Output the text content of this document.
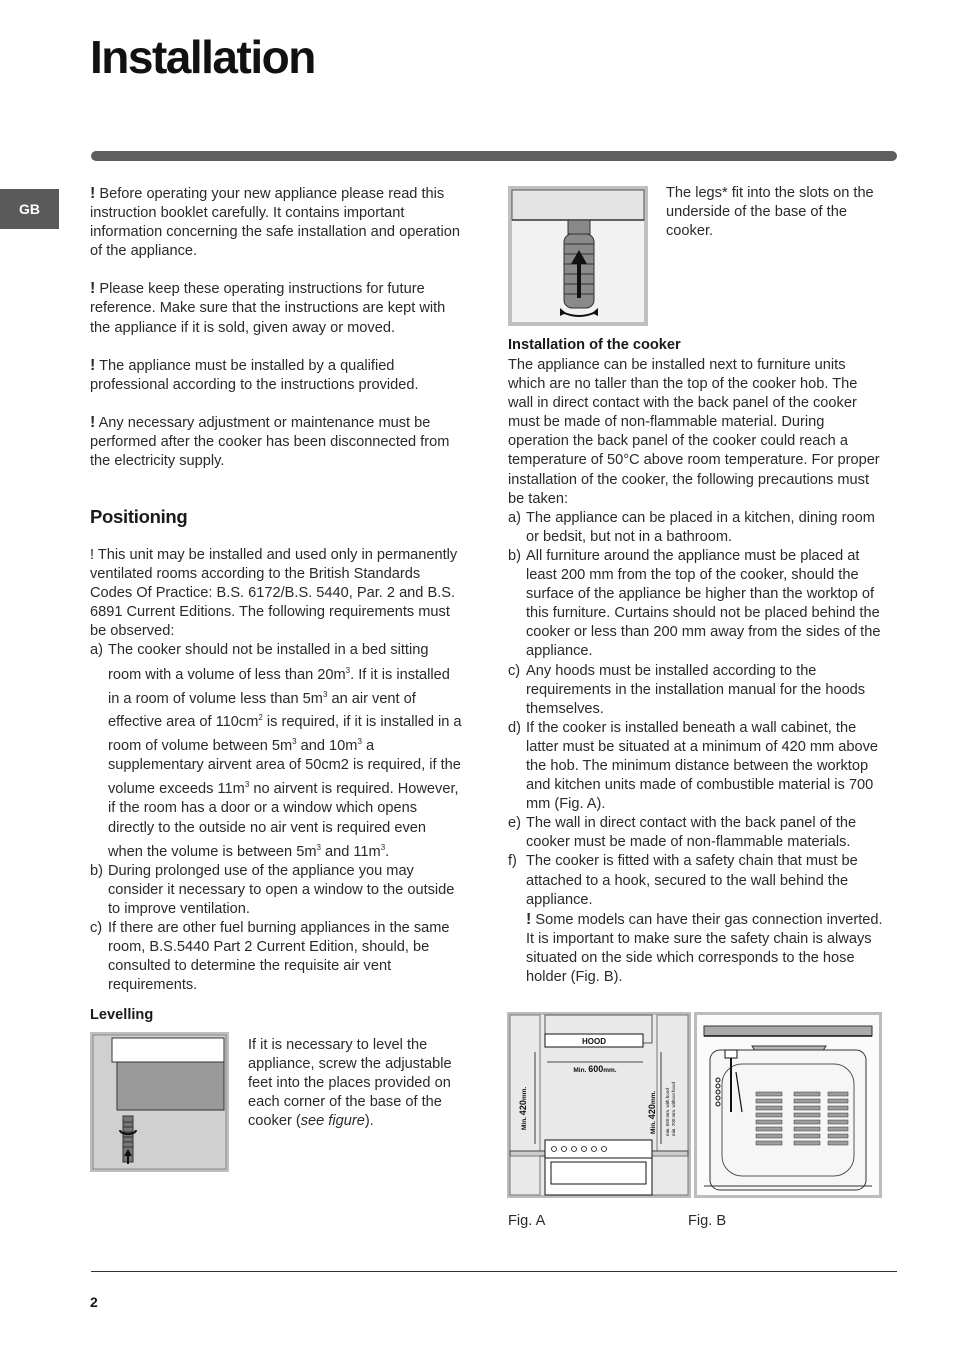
Installation
GB

! Before operating your new appliance please read this instruction booklet carefully. It contains important information concerning the safe installation and operation of the appliance.

! Please keep these operating instructions for future reference. Make sure that the instructions are kept with the appliance if it is sold, given away or moved.

! The appliance must be installed by a qualified professional according to the instructions provided.

! Any necessary adjustment or maintenance must be performed after the cooker has been disconnected from the electricity supply.

Positioning

! This unit may be installed and used only in permanently ventilated rooms according to the British Standards Codes Of Practice: B.S. 6172/B.S. 5440, Par. 2 and B.S. 6891 Current Editions. The following requirements must be observed:

a) The cooker should not be installed in a bed sitting room with a volume of less than $20m^3$. If it is installed in a room of volume less than $5m^3$ an air vent of effective area of $110cm^2$ is required, if it is installed in a room of volume between $5m^3$ and $10m^3$ a supplementary airvent area of 50cm2 is required, if the volume exceeds $11m^3$ no airvent is required. However, if the room has a door or a window which opens directly to the outside no air vent is required even when the volume is between $5m^3$ and $11m^3$.
b) During prolonged use of the appliance you may consider it necessary to open a window to the outside to improve ventilation.
c) If there are other fuel burning appliances in the same room, B.S.5440 Part 2 Current Edition, should, be consulted to determine the requisite air vent requirements.
Levelling
If it is necessary to level the appliance, screw the adjustable feet into the places provided on each corner of the base of the cooker (see figure).
The legs* fit into the slots on the underside of the base of the cooker.
Installation of the cooker

The appliance can be installed next to furniture units which are no taller than the top of the cooker hob. The wall in direct contact with the back panel of the cooker must be made of non-flammable material. During operation the back panel of the cooker could reach a temperature of 50°C above room temperature. For proper installation of the cooker, the following precautions must be taken:

a) The appliance can be placed in a kitchen, dining room or bedsit, but not in a bathroom.
b) All furniture around the appliance must be placed at least 200 mm from the top of the cooker, should the surface of the appliance be higher than the worktop of this furniture. Curtains should not be placed behind the cooker or less than 200 mm away from the sides of the appliance.
c) Any hoods must be installed according to the requirements in the installation manual for the hoods themselves.
d) If the cooker is installed beneath a wall cabinet, the latter must be situated at a minimum of 420 mm above the hob. The minimum distance between the worktop and kitchen units made of combustible material is 700 mm (Fig. A).
e) The wall in direct contact with the back panel of the cooker must be made of non-flammable materials.
f) The cooker is fitted with a safety chain that must be attached to a hook, secured to the wall behind the appliance.
! Some models can have their gas connection inverted. It is important to make sure the safety chain is always situated on the side which corresponds to the hose holder (Fig. B).
HOOD
Min. 600mm.
Min. 420mm.
Min. 420mm. min. 650 mm. with hood min. 700 mm. without hood
Fig. A	Fig. B
2
